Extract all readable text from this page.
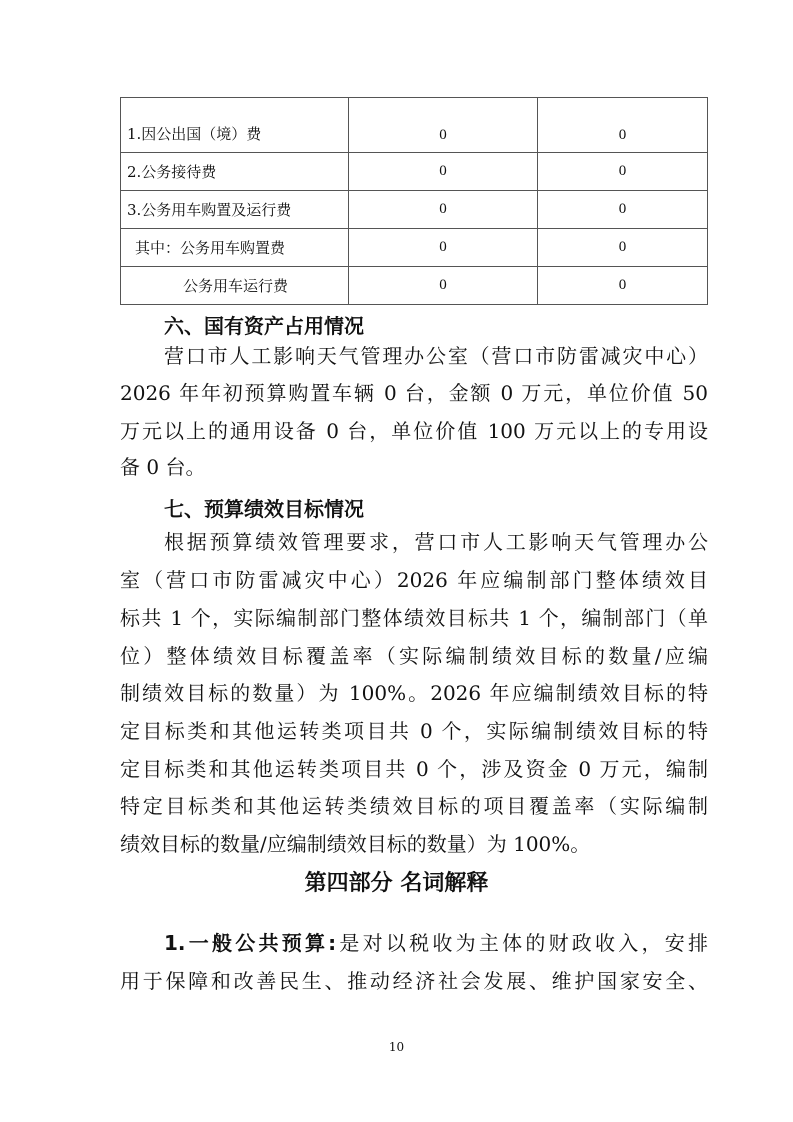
1.因公出国（境）费	0	0
2.公务接待费	0	0
3.公务用车购置及运行费	0	0
其中：公务用车购置费	0	0
公务用车运行费	0	0
六、国有资产占用情况
营口市人工影响天气管理办公室（营口市防雷减灾中心）
2026 年年初预算购置车辆 0 台，金额 0 万元，单位价值 50
万元以上的通用设备 0 台，单位价值 100 万元以上的专用设
备 0 台。
七、预算绩效目标情况
根据预算绩效管理要求，营口市人工影响天气管理办公
室（营口市防雷减灾中心）2026 年应编制部门整体绩效目
标共 1 个，实际编制部门整体绩效目标共 1 个，编制部门（单
位）整体绩效目标覆盖率（实际编制绩效目标的数量/应编
制绩效目标的数量）为 100%。2026 年应编制绩效目标的特
定目标类和其他运转类项目共 0 个，实际编制绩效目标的特
定目标类和其他运转类项目共 0 个，涉及资金 0 万元，编制
特定目标类和其他运转类绩效目标的项目覆盖率（实际编制
绩效目标的数量/应编制绩效目标的数量）为 100%。
第四部分 名词解释
1.一般公共预算:是对以税收为主体的财政收入，安排
用于保障和改善民生、推动经济社会发展、维护国家安全、
10
